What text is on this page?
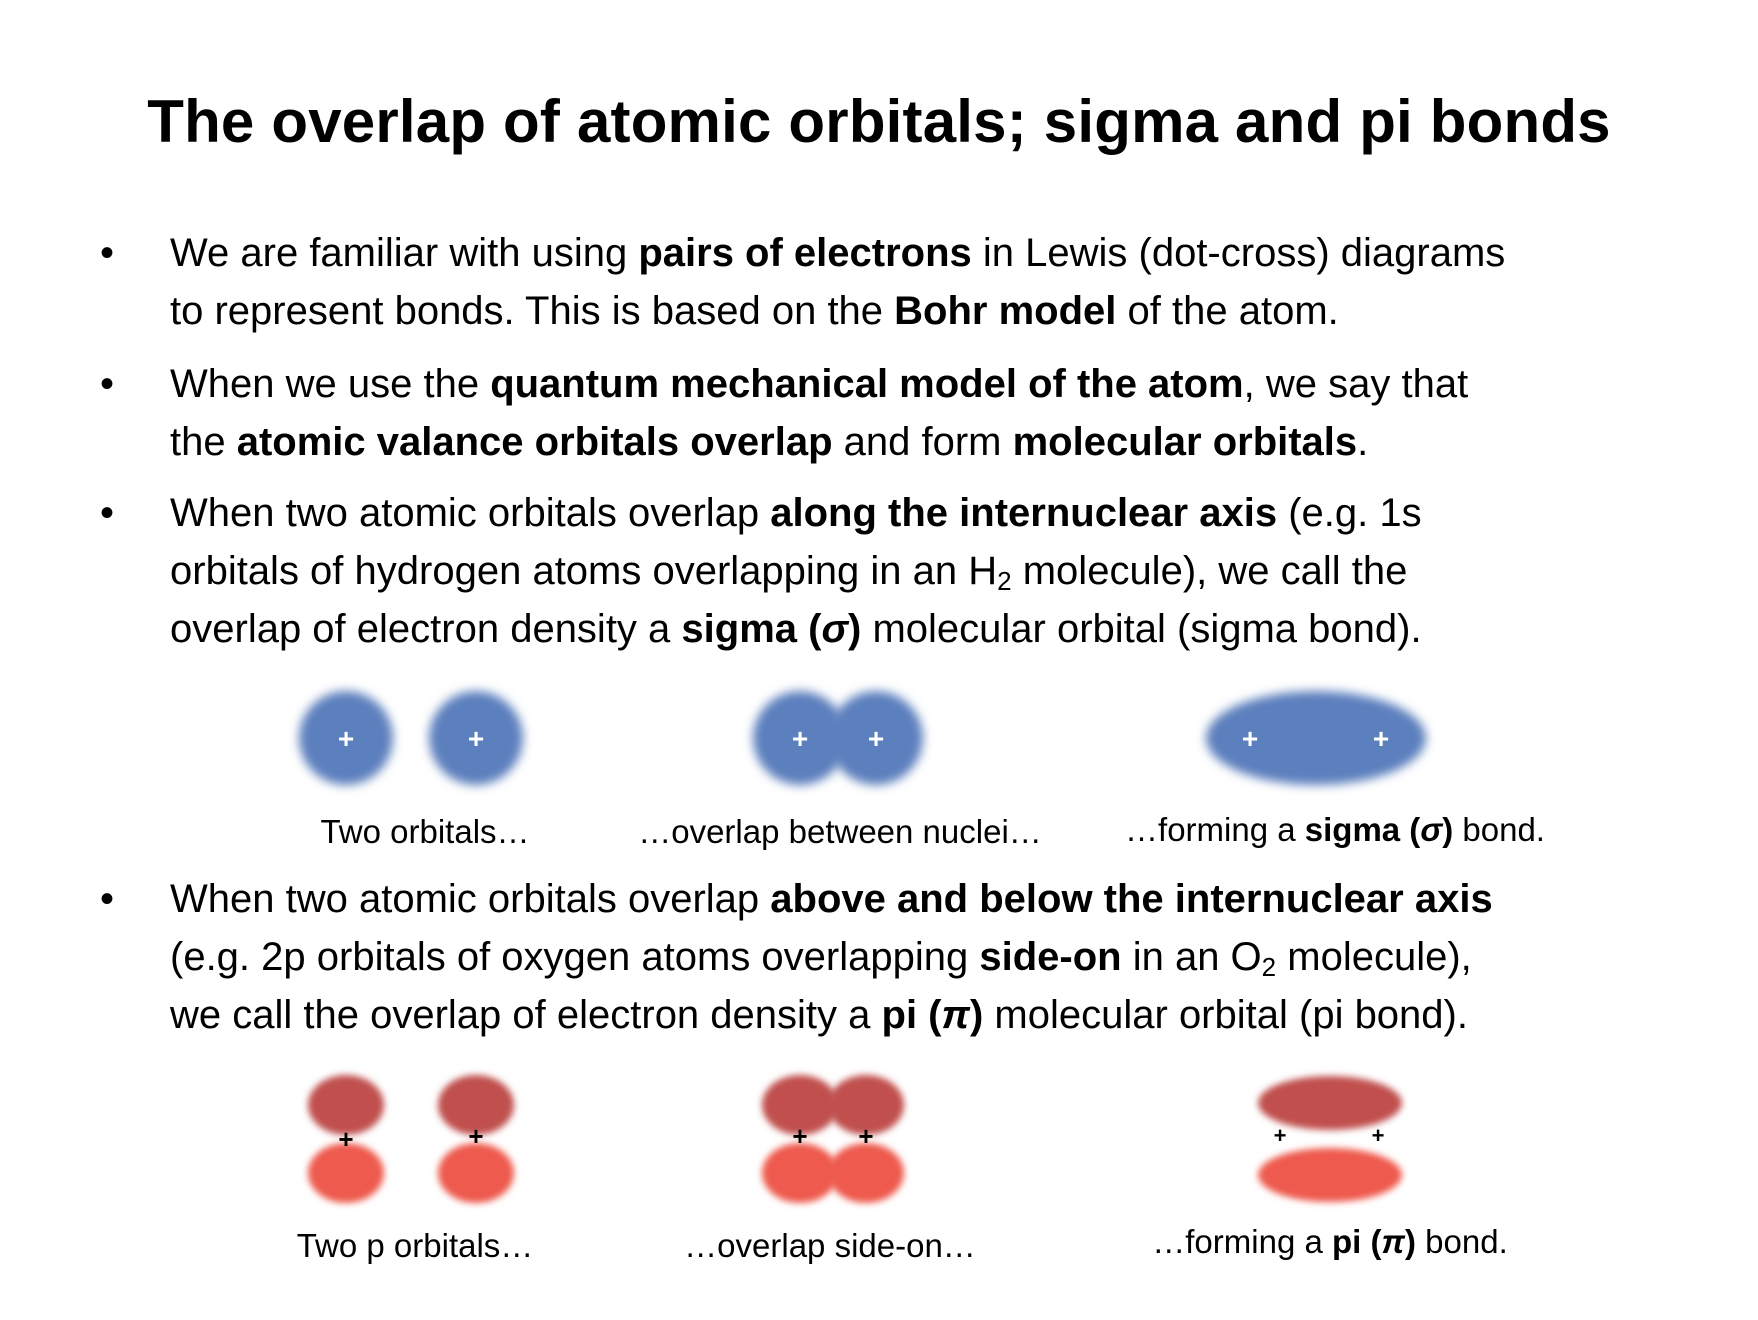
The overlap of atomic orbitals; sigma and pi bonds
• We are familiar with using pairs of electrons in Lewis (dot-cross) diagrams
to represent bonds. This is based on the Bohr model of the atom.
• When we use the quantum mechanical model of the atom, we say that
the atomic valance orbitals overlap and form molecular orbitals.
• When two atomic orbitals overlap along the internuclear axis (e.g. 1s
orbitals of hydrogen atoms overlapping in an $H_2$ molecule), we call the
overlap of electron density a sigma (σ) molecular orbital (sigma bond).
+	+	+ +	+	+
Two orbitals…	…overlap between nuclei…	…forming a sigma (σ) bond.
• When two atomic orbitals overlap above and below the internuclear axis
(e.g. 2p orbitals of oxygen atoms overlapping side-on in an $O_2$ molecule),
we call the overlap of electron density a pi (π) molecular orbital (pi bond).
+	+	+ +	+	+
Two p orbitals…	…overlap side-on…	…forming a pi (π) bond.
